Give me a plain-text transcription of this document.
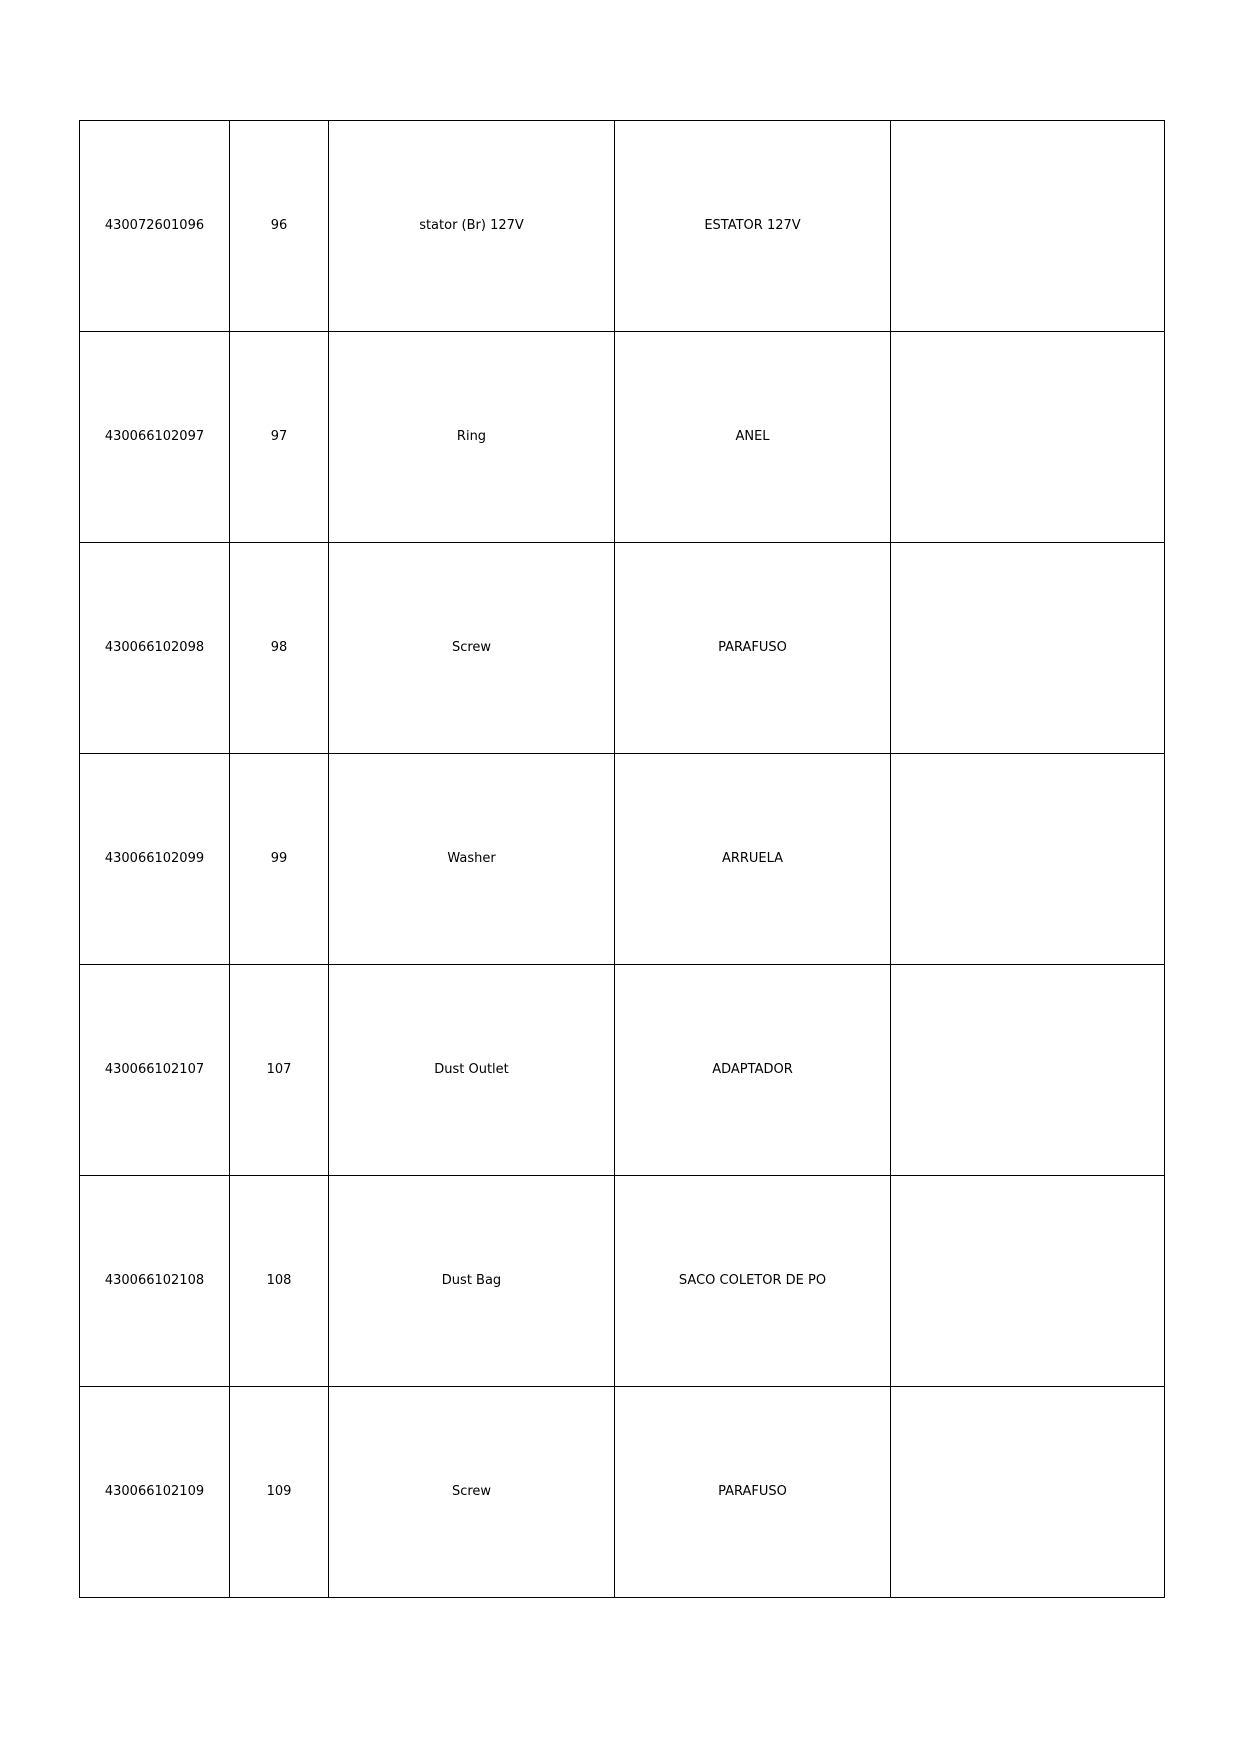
430072601096	96	stator (Br) 127V	ESTATOR 127V	
430066102097	97	Ring	ANEL	
430066102098	98	Screw	PARAFUSO	
430066102099	99	Washer	ARRUELA	
430066102107	107	Dust Outlet	ADAPTADOR	
430066102108	108	Dust Bag	SACO COLETOR DE PO	
430066102109	109	Screw	PARAFUSO	
